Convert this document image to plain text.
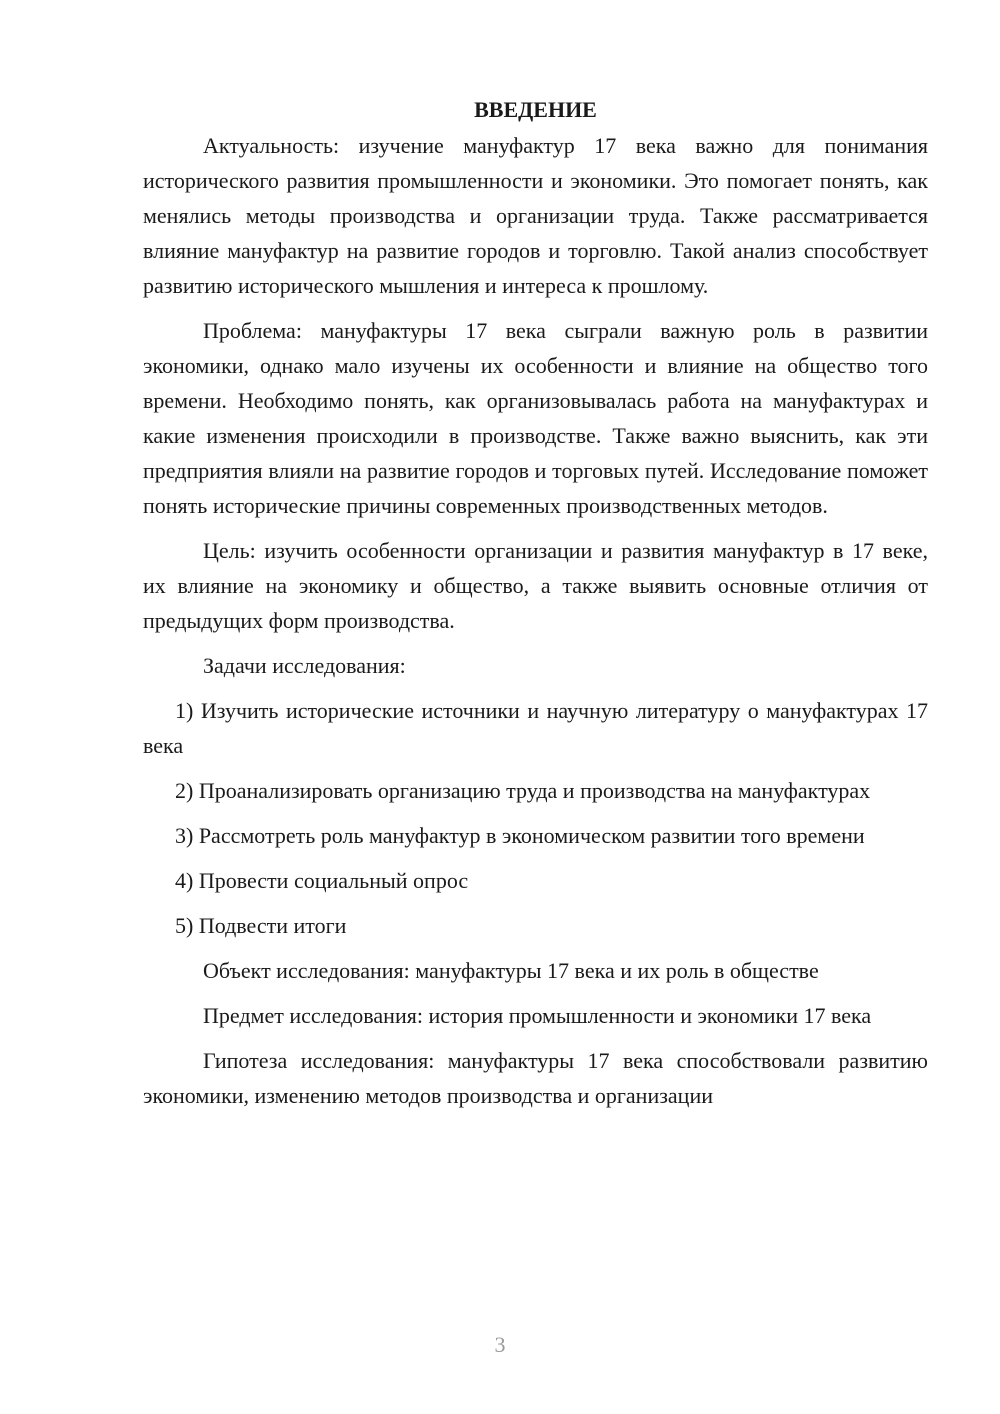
ВВЕДЕНИЕ

Актуальность: изучение мануфактур 17 века важно для понимания исторического развития промышленности и экономики. Это помогает понять, как менялись методы производства и организации труда. Также рассматривается влияние мануфактур на развитие городов и торговлю. Такой анализ способствует развитию исторического мышления и интереса к прошлому.

Проблема: мануфактуры 17 века сыграли важную роль в развитии экономики, однако мало изучены их особенности и влияние на общество того времени. Необходимо понять, как организовывалась работа на мануфактурах и какие изменения происходили в производстве. Также важно выяснить, как эти предприятия влияли на развитие городов и торговых путей. Исследование поможет понять исторические причины современных производственных методов.

Цель: изучить особенности организации и развития мануфактур в 17 веке, их влияние на экономику и общество, а также выявить основные отличия от предыдущих форм производства.

Задачи исследования:

1) Изучить исторические источники и научную литературу о мануфактурах 17 века

2) Проанализировать организацию труда и производства на мануфактурах

3) Рассмотреть роль мануфактур в экономическом развитии того времени

4) Провести социальный опрос

5) Подвести итоги

Объект исследования: мануфактуры 17 века и их роль в обществе

Предмет исследования: история промышленности и экономики 17 века

Гипотеза исследования: мануфактуры 17 века способствовали развитию экономики, изменению методов производства и организации

3
